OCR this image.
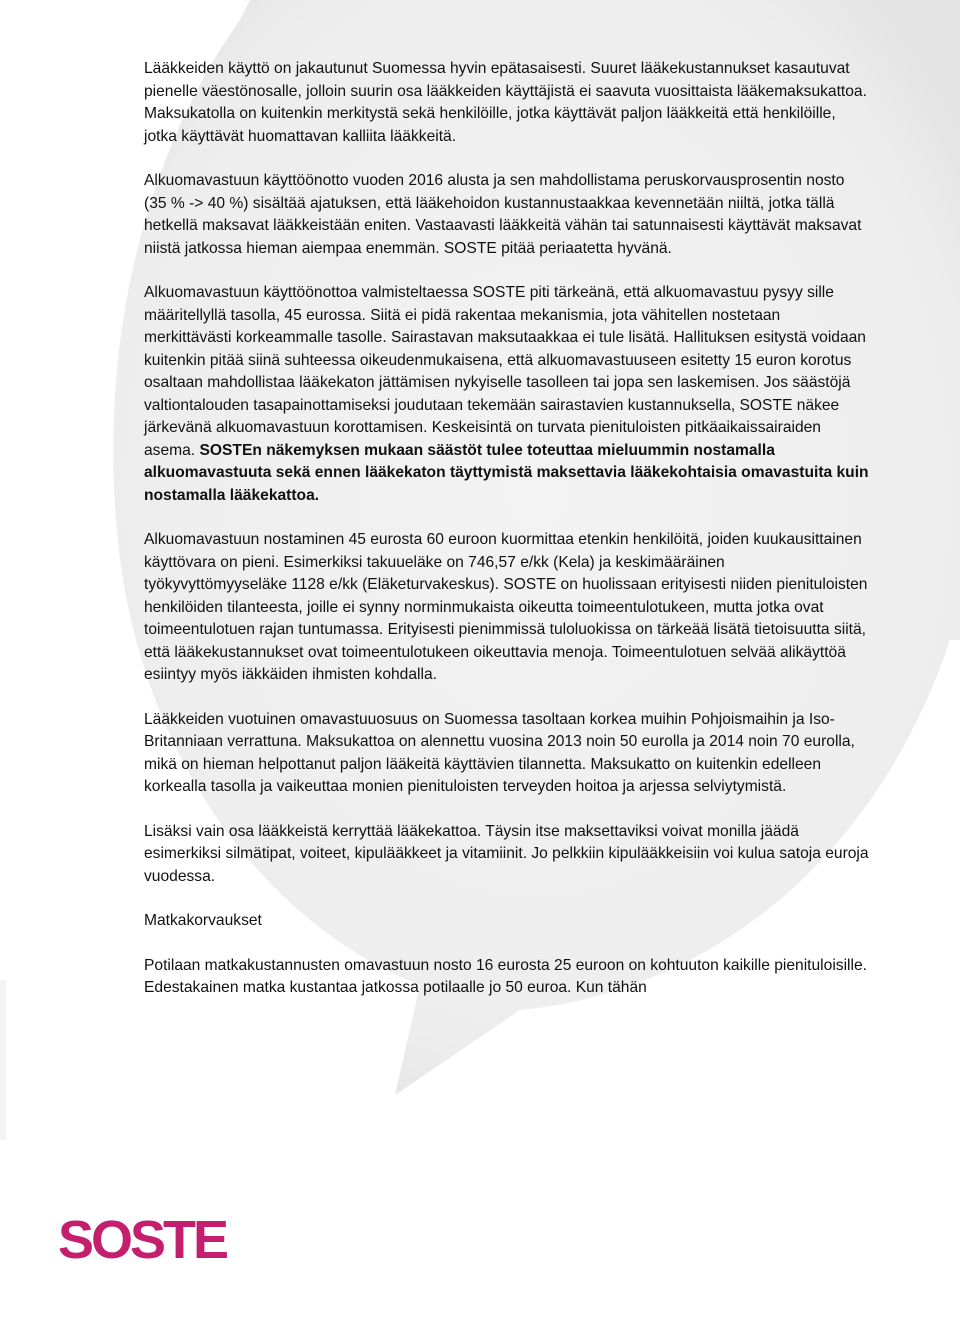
Lääkkeiden käyttö on jakautunut Suomessa hyvin epätasaisesti. Suuret lääkekustannukset kasautuvat pienelle väestönosalle, jolloin suurin osa lääkkeiden käyttäjistä ei saavuta vuosittaista lääkemaksukattoa. Maksukatolla on kuitenkin merkitystä sekä henkilöille, jotka käyttävät paljon lääkkeitä että henkilöille, jotka käyttävät huomattavan kalliita lääkkeitä.

Alkuomavastuun käyttöönotto vuoden 2016 alusta ja sen mahdollistama peruskorvausprosentin nosto (35 % -> 40 %) sisältää ajatuksen, että lääkehoidon kustannustaakkaa kevennetään niiltä, jotka tällä hetkellä maksavat lääkkeistään eniten. Vastaavasti lääkkeitä vähän tai satunnaisesti käyttävät maksavat niistä jatkossa hieman aiempaa enemmän. SOSTE pitää periaatetta hyvänä.

Alkuomavastuun käyttöönottoa valmisteltaessa SOSTE piti tärkeänä, että alkuomavastuu pysyy sille määritellyllä tasolla, 45 eurossa. Siitä ei pidä rakentaa mekanismia, jota vähitellen nostetaan merkittävästi korkeammalle tasolle. Sairastavan maksutaakkaa ei tule lisätä. Hallituksen esitystä voidaan kuitenkin pitää siinä suhteessa oikeudenmukaisena, että alkuomavastuuseen esitetty 15 euron korotus osaltaan mahdollistaa lääkekaton jättämisen nykyiselle tasolleen tai jopa sen laskemisen. Jos säästöjä valtiontalouden tasapainottamiseksi joudutaan tekemään sairastavien kustannuksella, SOSTE näkee järkevänä alkuomavastuun korottamisen. Keskeisintä on turvata pienituloisten pitkäaikaissairaiden asema. SOSTEn näkemyksen mukaan säästöt tulee toteuttaa mieluummin nostamalla alkuomavastuuta sekä ennen lääkekaton täyttymistä maksettavia lääkekohtaisia omavastuita kuin nostamalla lääkekattoa.

Alkuomavastuun nostaminen 45 eurosta 60 euroon kuormittaa etenkin henkilöitä, joiden kuukausittainen käyttövara on pieni. Esimerkiksi takuueläke on 746,57 e/kk (Kela) ja keskimääräinen työkyvyttömyyseläke 1128 e/kk (Eläketurvakeskus). SOSTE on huolissaan erityisesti niiden pienituloisten henkilöiden tilanteesta, joille ei synny norminmukaista oikeutta toimeentulotukeen, mutta jotka ovat toimeentulotuen rajan tuntumassa. Erityisesti pienimmissä tuloluokissa on tärkeää lisätä tietoisuutta siitä, että lääkekustannukset ovat toimeentulotukeen oikeuttavia menoja. Toimeentulotuen selvää alikäyttöä esiintyy myös iäkkäiden ihmisten kohdalla.

Lääkkeiden vuotuinen omavastuuosuus on Suomessa tasoltaan korkea muihin Pohjoismaihin ja Iso-Britanniaan verrattuna. Maksukattoa on alennettu vuosina 2013 noin 50 eurolla ja 2014 noin 70 eurolla, mikä on hieman helpottanut paljon lääkeitä käyttävien tilannetta. Maksukatto on kuitenkin edelleen korkealla tasolla ja vaikeuttaa monien pienituloisten terveyden hoitoa ja arjessa selviytymistä.

Lisäksi vain osa lääkkeistä kerryttää lääkekattoa. Täysin itse maksettaviksi voivat monilla jäädä esimerkiksi silmätipat, voiteet, kipulääkkeet ja vitamiinit. Jo pelkkiin kipulääkkeisiin voi kulua satoja euroja vuodessa.

Matkakorvaukset

Potilaan matkakustannusten omavastuun nosto 16 eurosta 25 euroon on kohtuuton kaikille pienituloisille. Edestakainen matka kustantaa jatkossa potilaalle jo 50 euroa. Kun tähän

SOSTE
